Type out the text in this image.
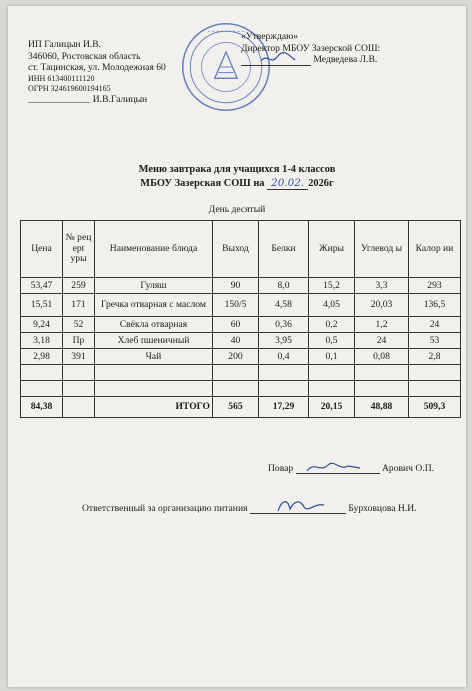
ИП Галицын И.В.
346060, Ростовская область
ст. Тацинская, ул. Молодежная 60
ИНН 613400111120
ОГРН 324619600194165
_____________ И.В.Галицын
• • • • • • • • •
«Утверждаю»
Директор МБОУ Зазерской СОШ:
Медведева Л.В.
Меню завтрака для учащихся 1-4 классов
МБОУ Зазерская СОШ на 20.02. 2026г
День десятый
Цена	№ рец ept уры	Наименование блюда	Выход	Белки	Жиры	Углевод ы	Калор ии
53,47	259	Гуляш	90	8,0	15,2	3,3	293
15,51	171	Гречка отварная с маслом	150/5	4,58	4,05	20,03	136,5
9,24	52	Свёкла отварная	60	0,36	0,2	1,2	24
3,18	Пр	Хлеб пшеничный	40	3,95	0,5	24	53
2,98	391	Чай	200	0,4	0,1	0,08	2,8

84,38		ИТОГО	565	17,29	20,15	48,88	509,3
Повар	Арович О.П.
Ответственный за организацию питания	Бурховцова Н.И.
